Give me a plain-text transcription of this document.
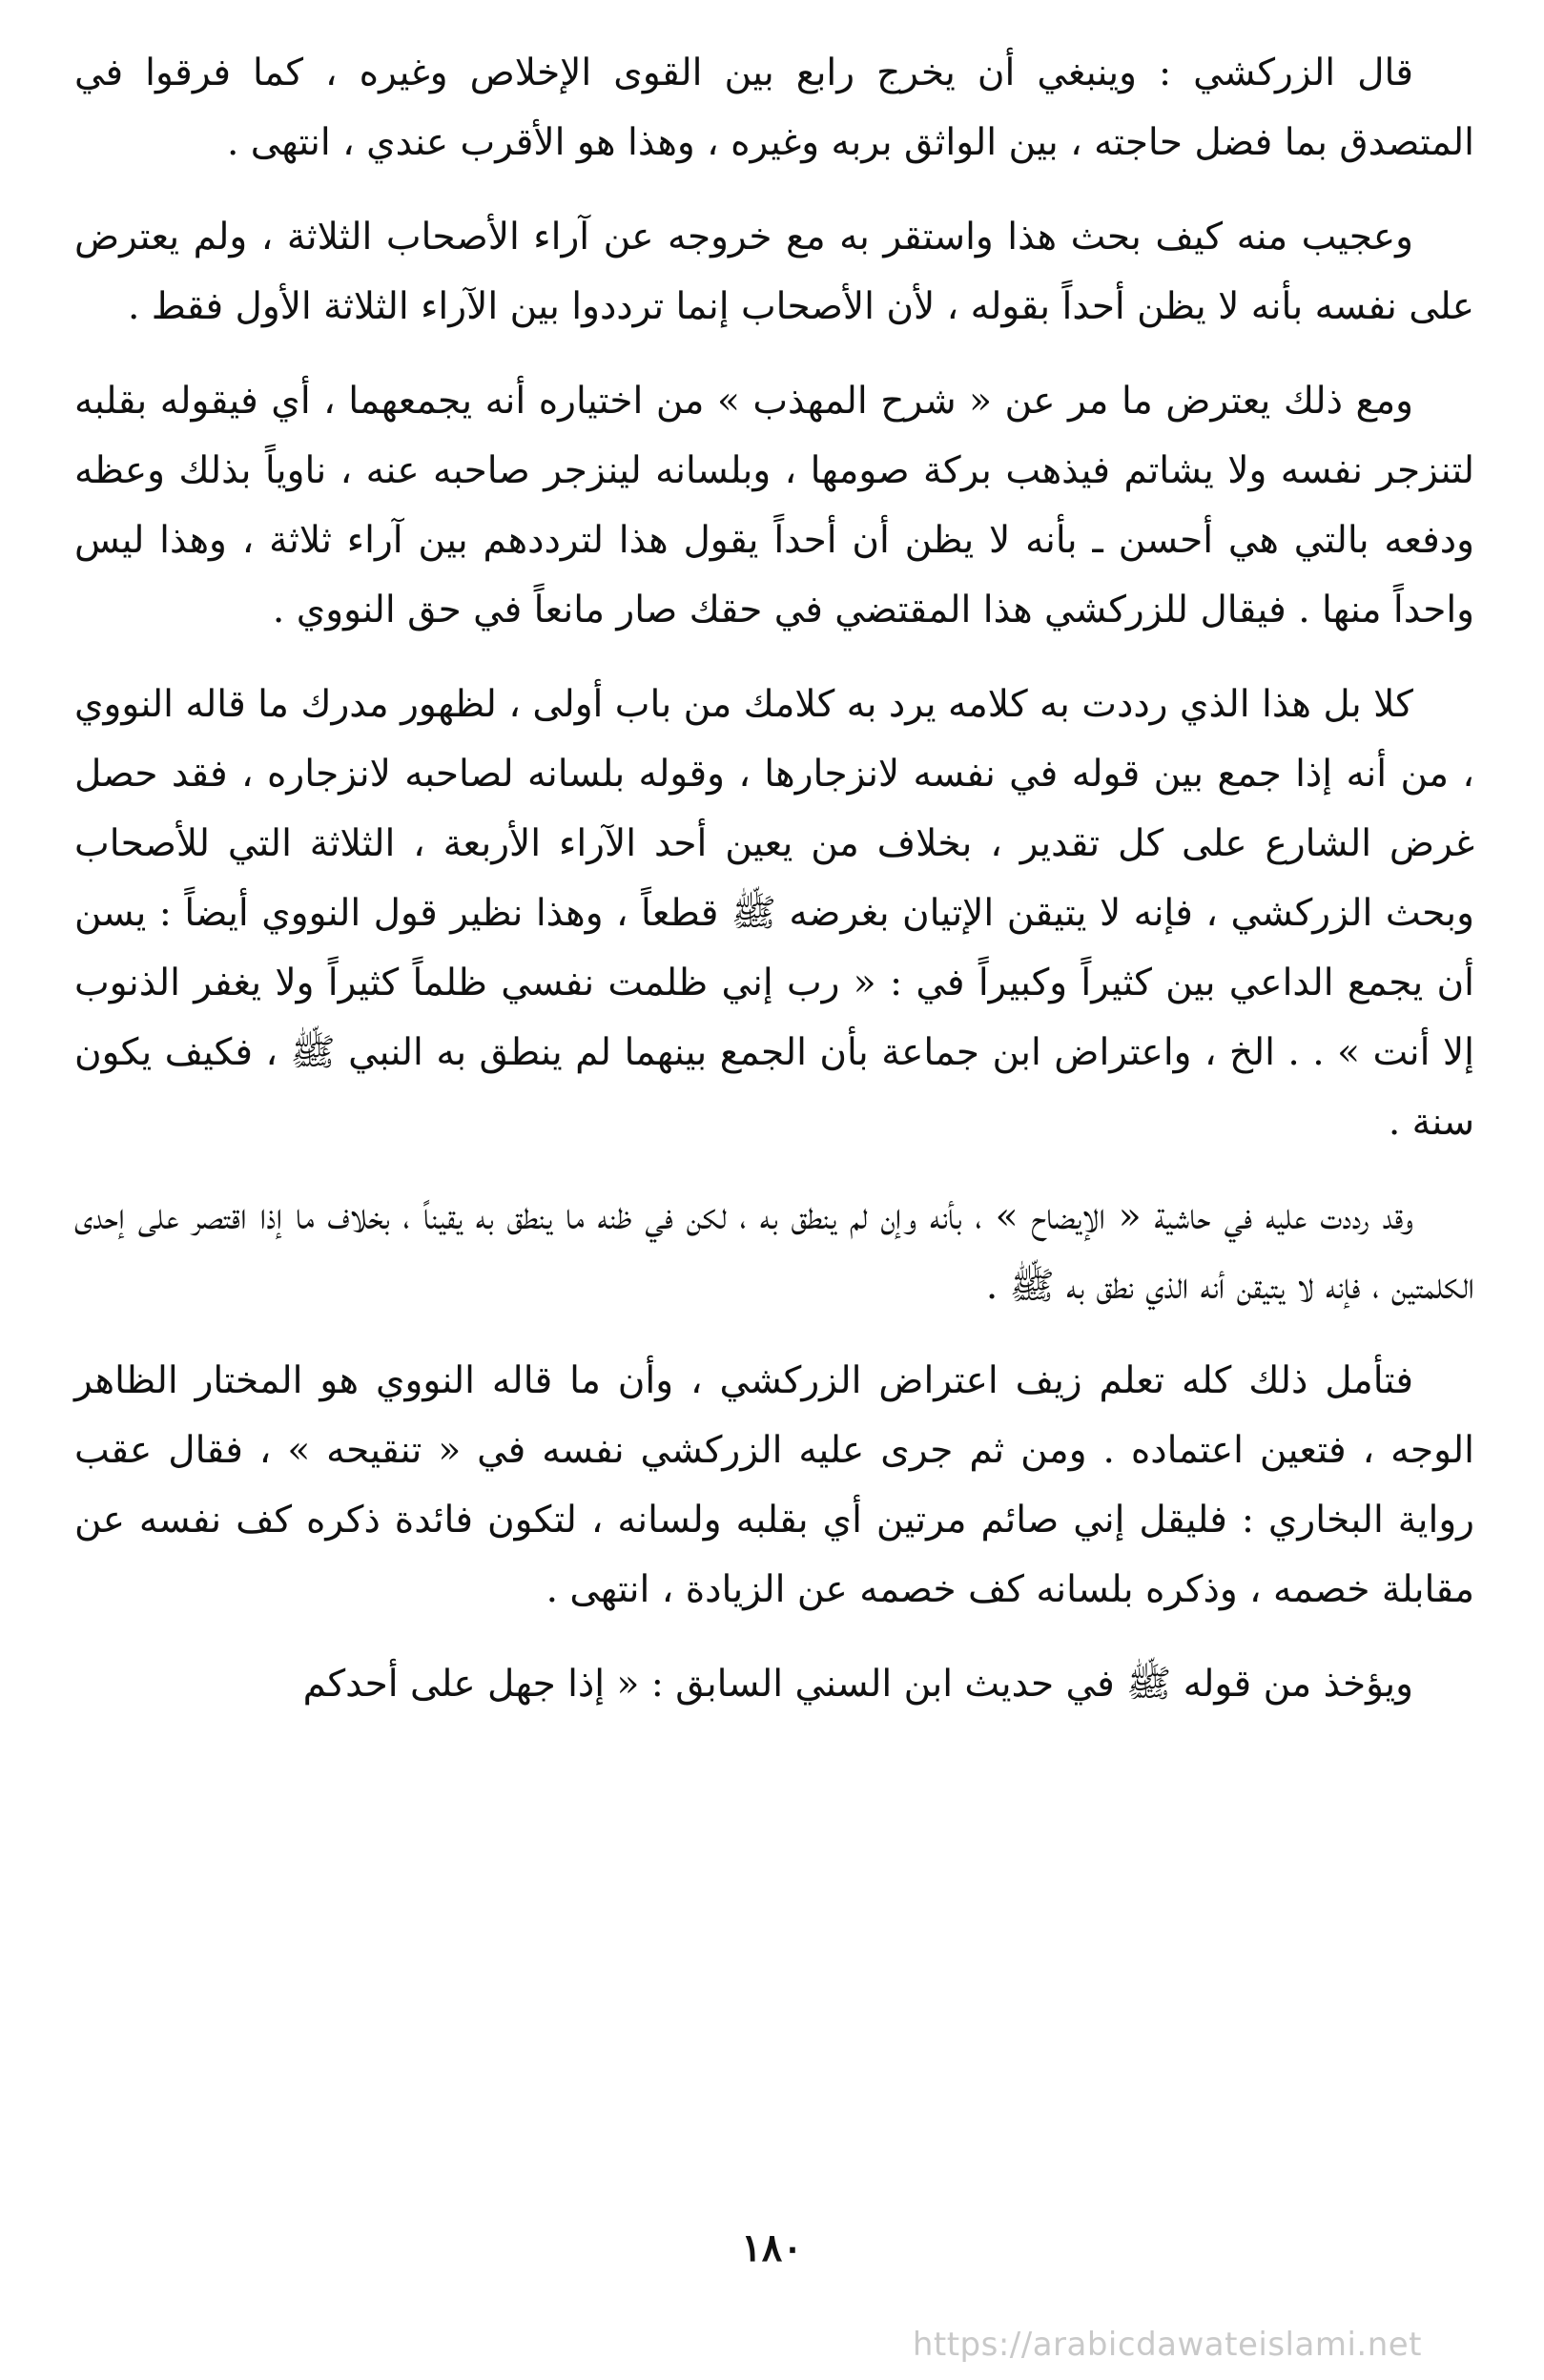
قال الزركشي : وينبغي أن يخرج رابع بين القوى الإخلاص وغيره ، كما فرقوا في المتصدق بما فضل حاجته ، بين الواثق بربه وغيره ، وهذا هو الأقرب عندي ، انتهى .

وعجيب منه كيف بحث هذا واستقر به مع خروجه عن آراء الأصحاب الثلاثة ، ولم يعترض على نفسه بأنه لا يظن أحداً بقوله ، لأن الأصحاب إنما ترددوا بين الآراء الثلاثة الأول فقط .

ومع ذلك يعترض ما مر عن « شرح المهذب » من اختياره أنه يجمعهما ، أي فيقوله بقلبه لتنزجر نفسه ولا يشاتم فيذهب بركة صومها ، وبلسانه لينزجر صاحبه عنه ، ناوياً بذلك وعظه ودفعه بالتي هي أحسن ـ بأنه لا يظن أن أحداً يقول هذا لترددهم بين آراء ثلاثة ، وهذا ليس واحداً منها . فيقال للزركشي هذا المقتضي في حقك صار مانعاً في حق النووي .

كلا بل هذا الذي رددت به كلامه يرد به كلامك من باب أولى ، لظهور مدرك ما قاله النووي ، من أنه إذا جمع بين قوله في نفسه لانزجارها ، وقوله بلسانه لصاحبه لانزجاره ، فقد حصل غرض الشارع على كل تقدير ، بخلاف من يعين أحد الآراء الأربعة ، الثلاثة التي للأصحاب وبحث الزركشي ، فإنه لا يتيقن الإتيان بغرضه ﷺ قطعاً ، وهذا نظير قول النووي أيضاً : يسن أن يجمع الداعي بين كثيراً وكبيراً في : « رب إني ظلمت نفسي ظلماً كثيراً ولا يغفر الذنوب إلا أنت » . . الخ ، واعتراض ابن جماعة بأن الجمع بينهما لم ينطق به النبي ﷺ ، فكيف يكون سنة .

وقد رددت عليه في حاشية « الإيضاح » ، بأنه وإن لم ينطق به ، لكن في ظنه ما ينطق به يقيناً ، بخلاف ما إذا اقتصر على إحدى الكلمتين ، فإنه لا يتيقن أنه الذي نطق به ﷺ .

فتأمل ذلك كله تعلم زيف اعتراض الزركشي ، وأن ما قاله النووي هو المختار الظاهر الوجه ، فتعين اعتماده . ومن ثم جرى عليه الزركشي نفسه في « تنقيحه » ، فقال عقب رواية البخاري : فليقل إني صائم مرتين أي بقلبه ولسانه ، لتكون فائدة ذكره كف نفسه عن مقابلة خصمه ، وذكره بلسانه كف خصمه عن الزيادة ، انتهى .

ويؤخذ من قوله ﷺ في حديث ابن السني السابق : « إذا جهل على أحدكم

١٨٠
https://arabicdawateislami.net
